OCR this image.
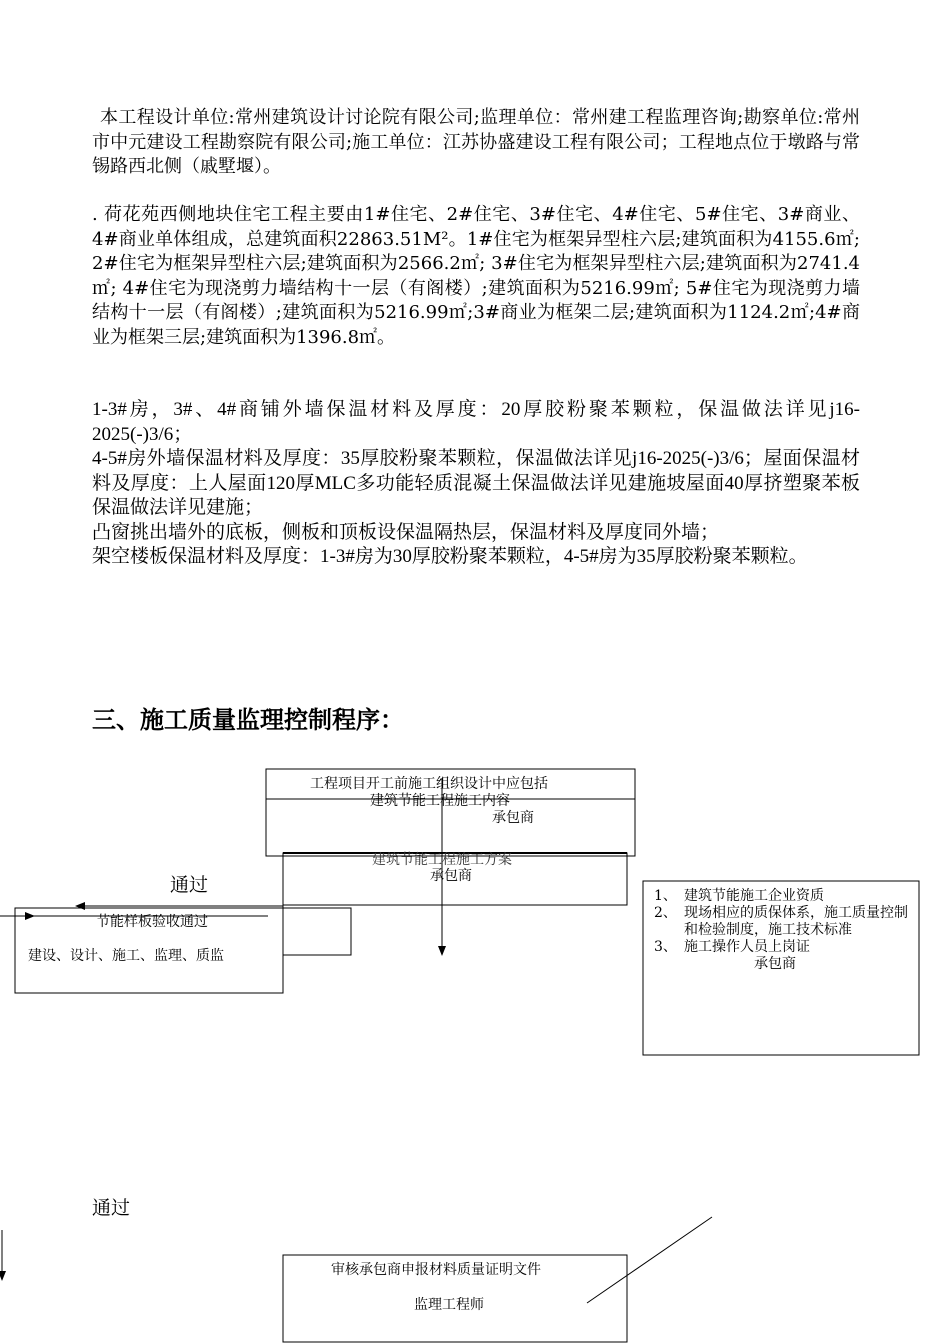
本工程设计单位:常州建筑设计讨论院有限公司;监理单位：常州建工程监理咨询;勘察单位:常州市中元建设工程勘察院有限公司;施工单位：江苏协盛建设工程有限公司；工程地点位于墩路与常锡路西北侧（戚墅堰）。

. 荷花苑西侧地块住宅工程主要由1#住宅、2#住宅、3#住宅、4#住宅、5#住宅、3#商业、4#商业单体组成，总建筑面积22863.51M²。1#住宅为框架异型柱六层;建筑面积为4155.6㎡; 2#住宅为框架异型柱六层;建筑面积为2566.2㎡; 3#住宅为框架异型柱六层;建筑面积为2741.4㎡; 4#住宅为现浇剪力墙结构十一层（有阁楼）;建筑面积为5216.99㎡; 5#住宅为现浇剪力墙结构十一层（有阁楼）;建筑面积为5216.99㎡;3#商业为框架二层;建筑面积为1124.2㎡;4#商业为框架三层;建筑面积为1396.8㎡。

1-3#房，3#、4#商铺外墙保温材料及厚度：20厚胶粉聚苯颗粒，保温做法详见j16-2025(-)3/6；
4-5#房外墙保温材料及厚度：35厚胶粉聚苯颗粒，保温做法详见j16-2025(-)3/6；屋面保温材料及厚度：上人屋面120厚MLC多功能轻质混凝土保温做法详见建施坡屋面40厚挤塑聚苯板保温做法详见建施；
凸窗挑出墙外的底板，侧板和顶板设保温隔热层，保温材料及厚度同外墙；
架空楼板保温材料及厚度：1-3#房为30厚胶粉聚苯颗粒，4-5#房为35厚胶粉聚苯颗粒。
三、施工质量监理控制程序：
工程项目开工前施工组织设计中应包括
建筑节能工程施工内容
承包商
建筑节能工程施工方案
承包商
通过
节能样板验收通过
建设、设计、施工、监理、质监
1、 建筑节能施工企业资质
2、 现场相应的质保体系，施工质量控制和检验制度，施工技术标准
3、 施工操作人员上岗证
承包商
通过
审核承包商申报材料质量证明文件
监理工程师
